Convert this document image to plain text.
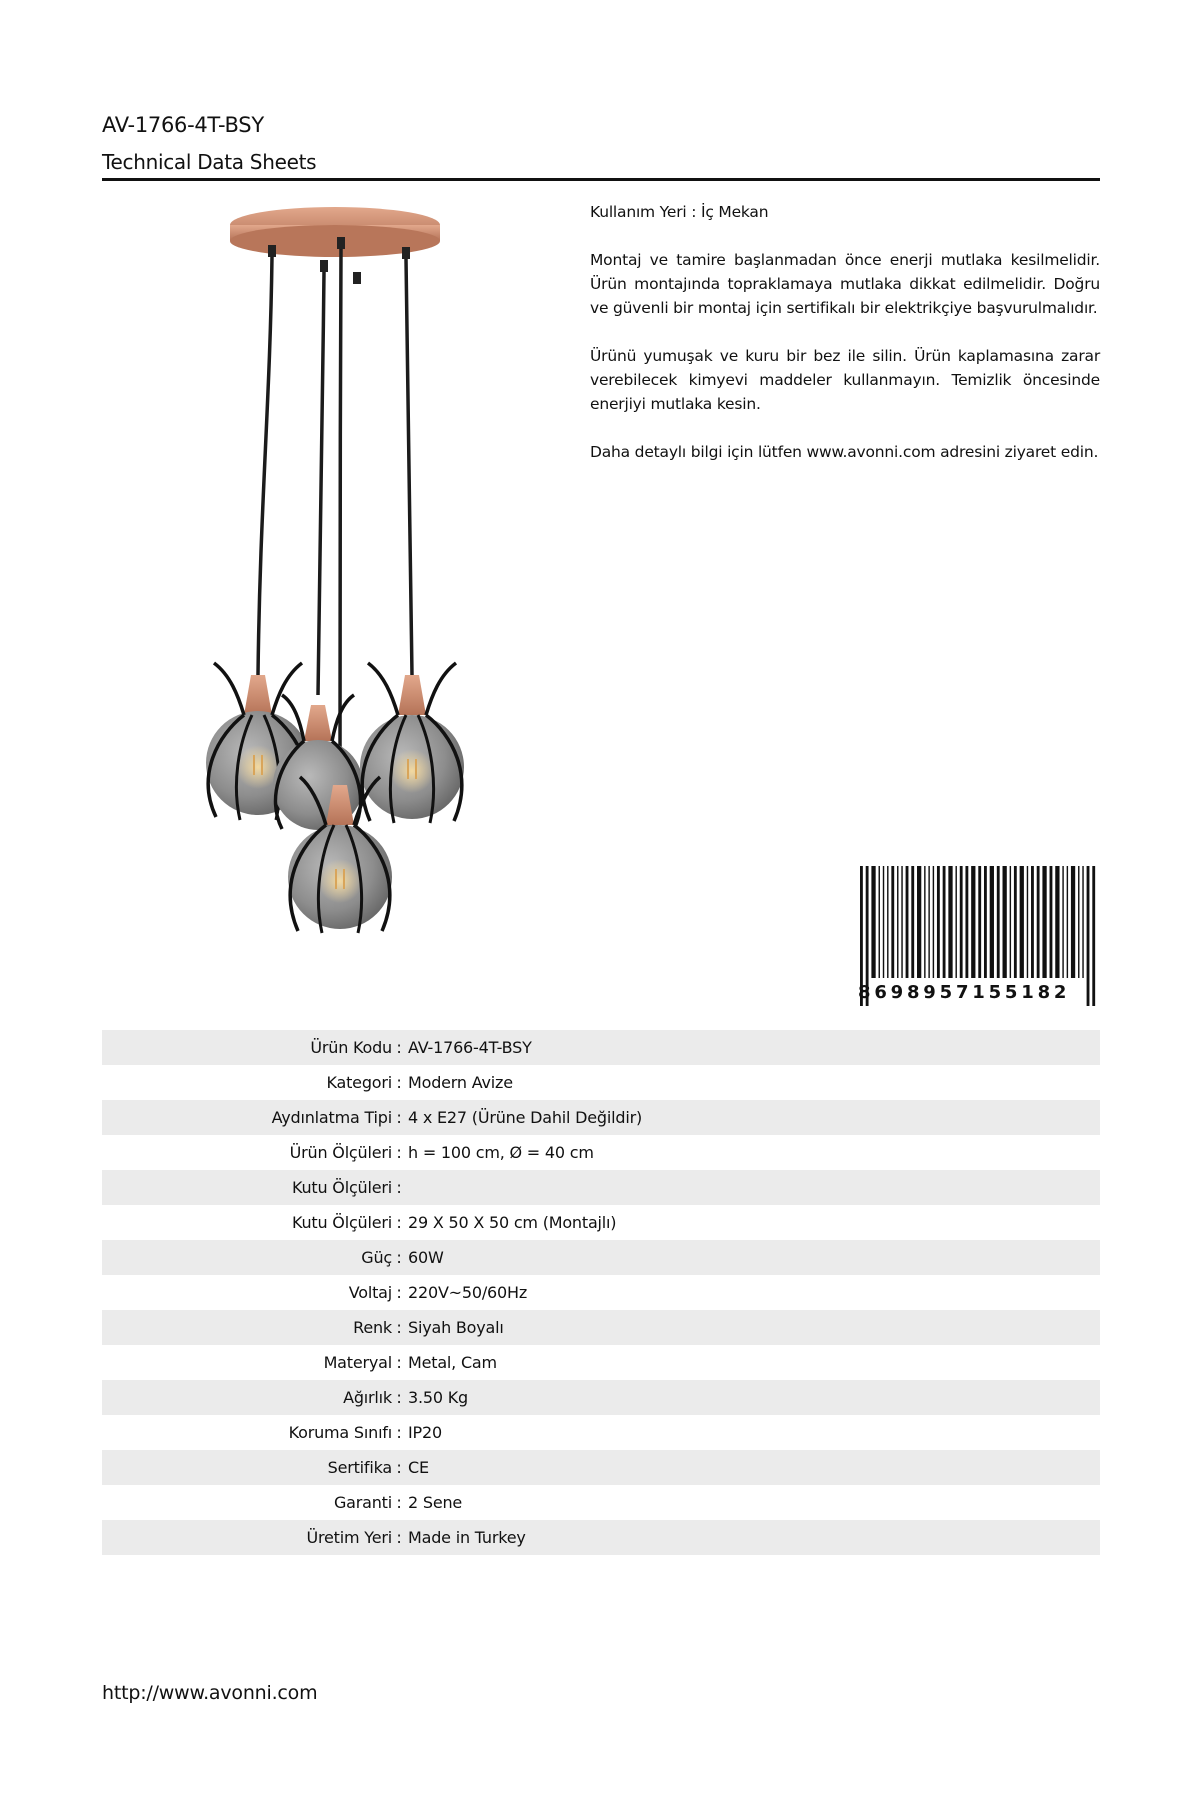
AV-1766-4T-BSY
Technical Data Sheets

Kullanım Yeri : İç Mekan

Montaj ve tamire başlanmadan önce enerji mutlaka kesilmelidir. Ürün montajında topraklamaya mutlaka dikkat edilmelidir. Doğru ve güvenli bir montaj için sertifikalı bir elektrikçiye başvurulmalıdır.

Ürünü yumuşak ve kuru bir bez ile silin. Ürün kaplamasına zarar verebilecek kimyevi maddeler kullanmayın. Temizlik öncesinde enerjiyi mutlaka kesin.

Daha detaylı bilgi için lütfen www.avonni.com adresini ziyaret edin.

8698957155182
Ürün Kodu	:	AV-1766-4T-BSY
Kategori	:	Modern Avize
Aydınlatma Tipi	:	4 x E27 (Ürüne Dahil Değildir)
Ürün Ölçüleri	:	h = 100 cm, Ø = 40 cm
Kutu Ölçüleri	:	
Kutu Ölçüleri	:	29 X 50 X 50 cm (Montajlı)
Güç	:	60W
Voltaj	:	220V~50/60Hz
Renk	:	Siyah Boyalı
Materyal	:	Metal, Cam
Ağırlık	:	3.50 Kg
Koruma Sınıfı	:	IP20
Sertifika	:	CE
Garanti	:	2 Sene
Üretim Yeri	:	Made in Turkey
http://www.avonni.com
